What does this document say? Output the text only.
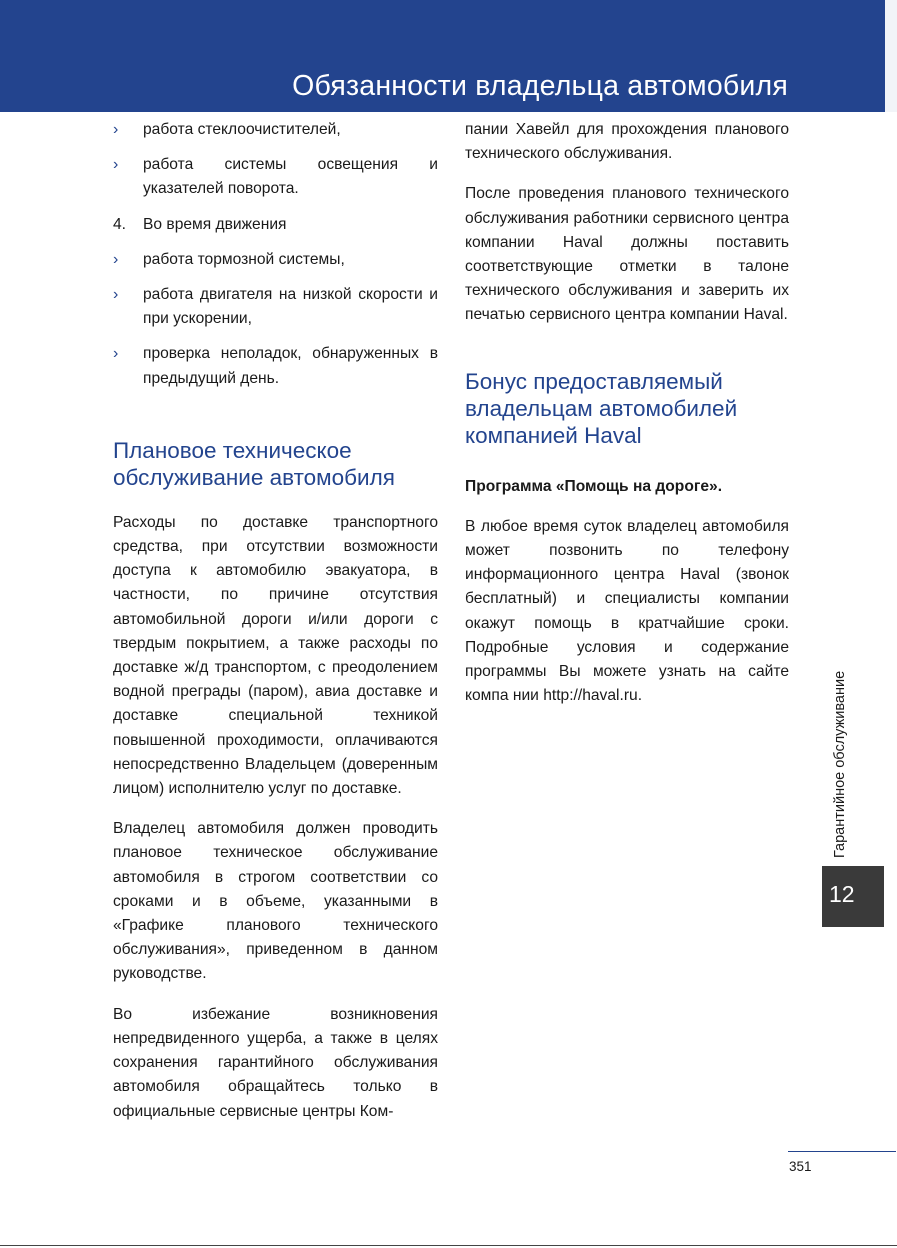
Обязанности владельца автомобиля
› работа стеклоочистителей,
› работа системы освещения и указателей поворота.
4. Во время движения
› работа тормозной системы,
› работа двигателя на низкой скорости и при ускорении,
› проверка неполадок, обнаруженных в предыдущий день.
Плановое техническое
обслуживание автомобиля

Расходы по доставке транспортного средства, при отсутствии возможности доступа к автомобилю эвакуатора, в частности, по причине отсутствия автомобильной дороги и/или дороги с твердым покрытием, а также расходы по доставке ж/д транспортом, с преодолением водной преграды (паром), авиа доставке и доставке специальной техникой повышенной проходимости, оплачиваются непосредственно Владельцем (доверенным лицом) исполнителю услуг по доставке.

Владелец автомобиля должен проводить плановое техническое обслуживание автомобиля в строгом соответствии со сроками и в объеме, указанными в «Графике планового технического обслуживания», приведенном в данном руководстве.

Во избежание возникновения непредвиденного ущерба, а также в целях сохранения гарантийного обслуживания автомобиля обращайтесь только в официальные сервисные центры Ком-

пании Хавейл для прохождения планового технического обслуживания.

После проведения планового технического обслуживания работники сервисного центра компании Haval должны поставить соответствующие отметки в талоне технического обслуживания и заверить их печатью сервисного центра компании Haval.

Бонус предоставляемый
владельцам автомобилей
компанией Haval
Программа «Помощь на дороге».

В любое время суток владелец автомобиля может позвонить по телефону информационного центра Haval (звонок бесплатный) и специалисты компании окажут помощь в кратчайшие сроки. Подробные условия и содержание программы Вы можете узнать на сайте компа нии http://haval.ru.	Гарантийное обслуживание
12
351
